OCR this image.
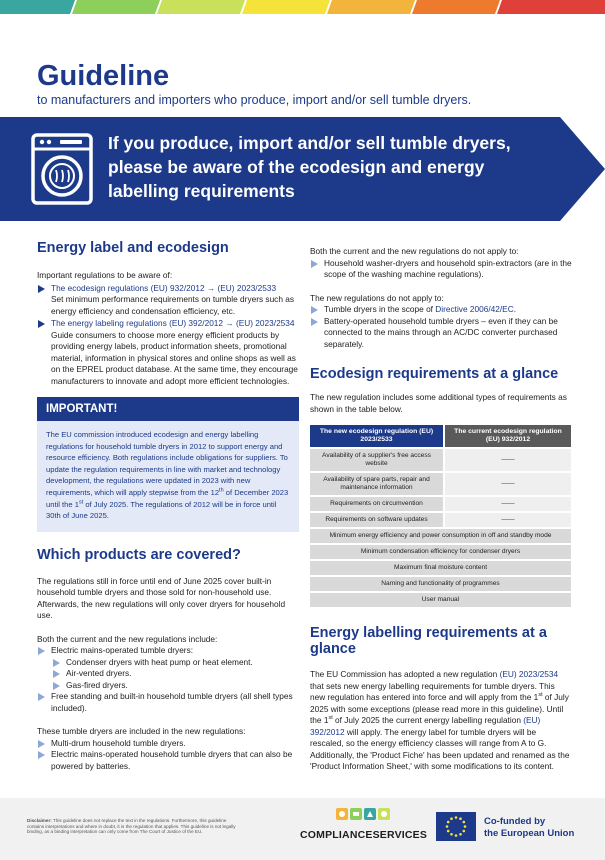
Guideline
to manufacturers and importers who produce, import and/or sell tumble dryers.
If you produce, import and/or sell tumble dryers, please be aware of the ecodesign and energy labelling requirements
Energy label and ecodesign
Important regulations to be aware of:
The ecodesign regulations (EU) 932/2012 → (EU) 2023/2533
Set minimum performance requirements on tumble dryers such as energy efficiency and condensation efficiency, etc.
The energy labeling regulations (EU) 392/2012 → (EU) 2023/2534
Guide consumers to choose more energy efficient products by providing energy labels, product information sheets, promotional material, information in physical stores and online shops as well as on the EPREL product database. At the same time, they encourage manufacturers to innovate and adopt more efficient technologies.
IMPORTANT!
The EU commission introduced ecodesign and energy labelling regulations for household tumble dryers in 2012 to support energy and resource efficiency. Both regulations include obligations for suppliers. To update the regulation requirements in line with market and technology development, the regulations were updated in 2023 with new requirements, which will apply stepwise from the 12th of December 2023 until the 1st of July 2025. The regulations of 2012 will be in force until 30th of June 2025.
Which products are covered?
The regulations still in force until end of June 2025 cover built-in household tumble dryers and those sold for non-household use. Afterwards, the new regulations will only cover dryers for household use.
Both the current and the new regulations include:
Electric mains-operated tumble dryers:
Condenser dryers with heat pump or heat element.
Air-vented dryers.
Gas-fired dryers.
Free standing and built-in household tumble dryers (all shell types included).
These tumble dryers are included in the new regulations:
Multi-drum household tumble dryers.
Electric mains-operated household tumble dryers that can also be powered by batteries.
Both the current and the new regulations do not apply to:
Household washer-dryers and household spin-extractors (are in the scope of the washing machine regulations).
The new regulations do not apply to:
Tumble dryers in the scope of Directive 2006/42/EC.
Battery-operated household tumble dryers – even if they can be connected to the mains through an AC/DC converter purchased separately.
Ecodesign requirements at a glance
The new regulation includes some additional types of requirements as shown in the table below.
The new ecodesign regulation (EU) 2023/2533	The current ecodesign regulation (EU) 932/2012
Availability of a supplier's free access website	——
Availability of spare parts, repair and maintenance information	——
Requirements on circumvention	——
Requirements on software updates	——
Minimum energy efficiency and power consumption in off and standby mode	
Minimum condensation efficiency for condenser dryers	
Maximum final moisture content	
Naming and functionality of programmes	
User manual	
Energy labelling requirements at a glance
The EU Commission has adopted a new regulation (EU) 2023/2534 that sets new energy labelling requirements for tumble dryers. This new regulation has entered into force and will apply from the 1st of July 2025 with some exceptions (please read more in this guideline). Until the 1st of July 2025 the current energy labelling regulation (EU) 392/2012 will apply. The energy label for tumble dryers will be rescaled, so the energy efficiency classes will range from A to G. Additionally, the 'Product Fiche' has been updated and renamed as the 'Product Information Sheet,' with some modifications to its content.
Disclaimer: This guideline does not replace the text in the regulations. Furthermore, this guideline contains interpretations and where in doubt, it is the regulation that applies. This guideline is not legally binding, as a binding interpretation can only come from The Court of Justice of the EU.	COMPLIANCESERVICES
Co-funded by
the European Union
